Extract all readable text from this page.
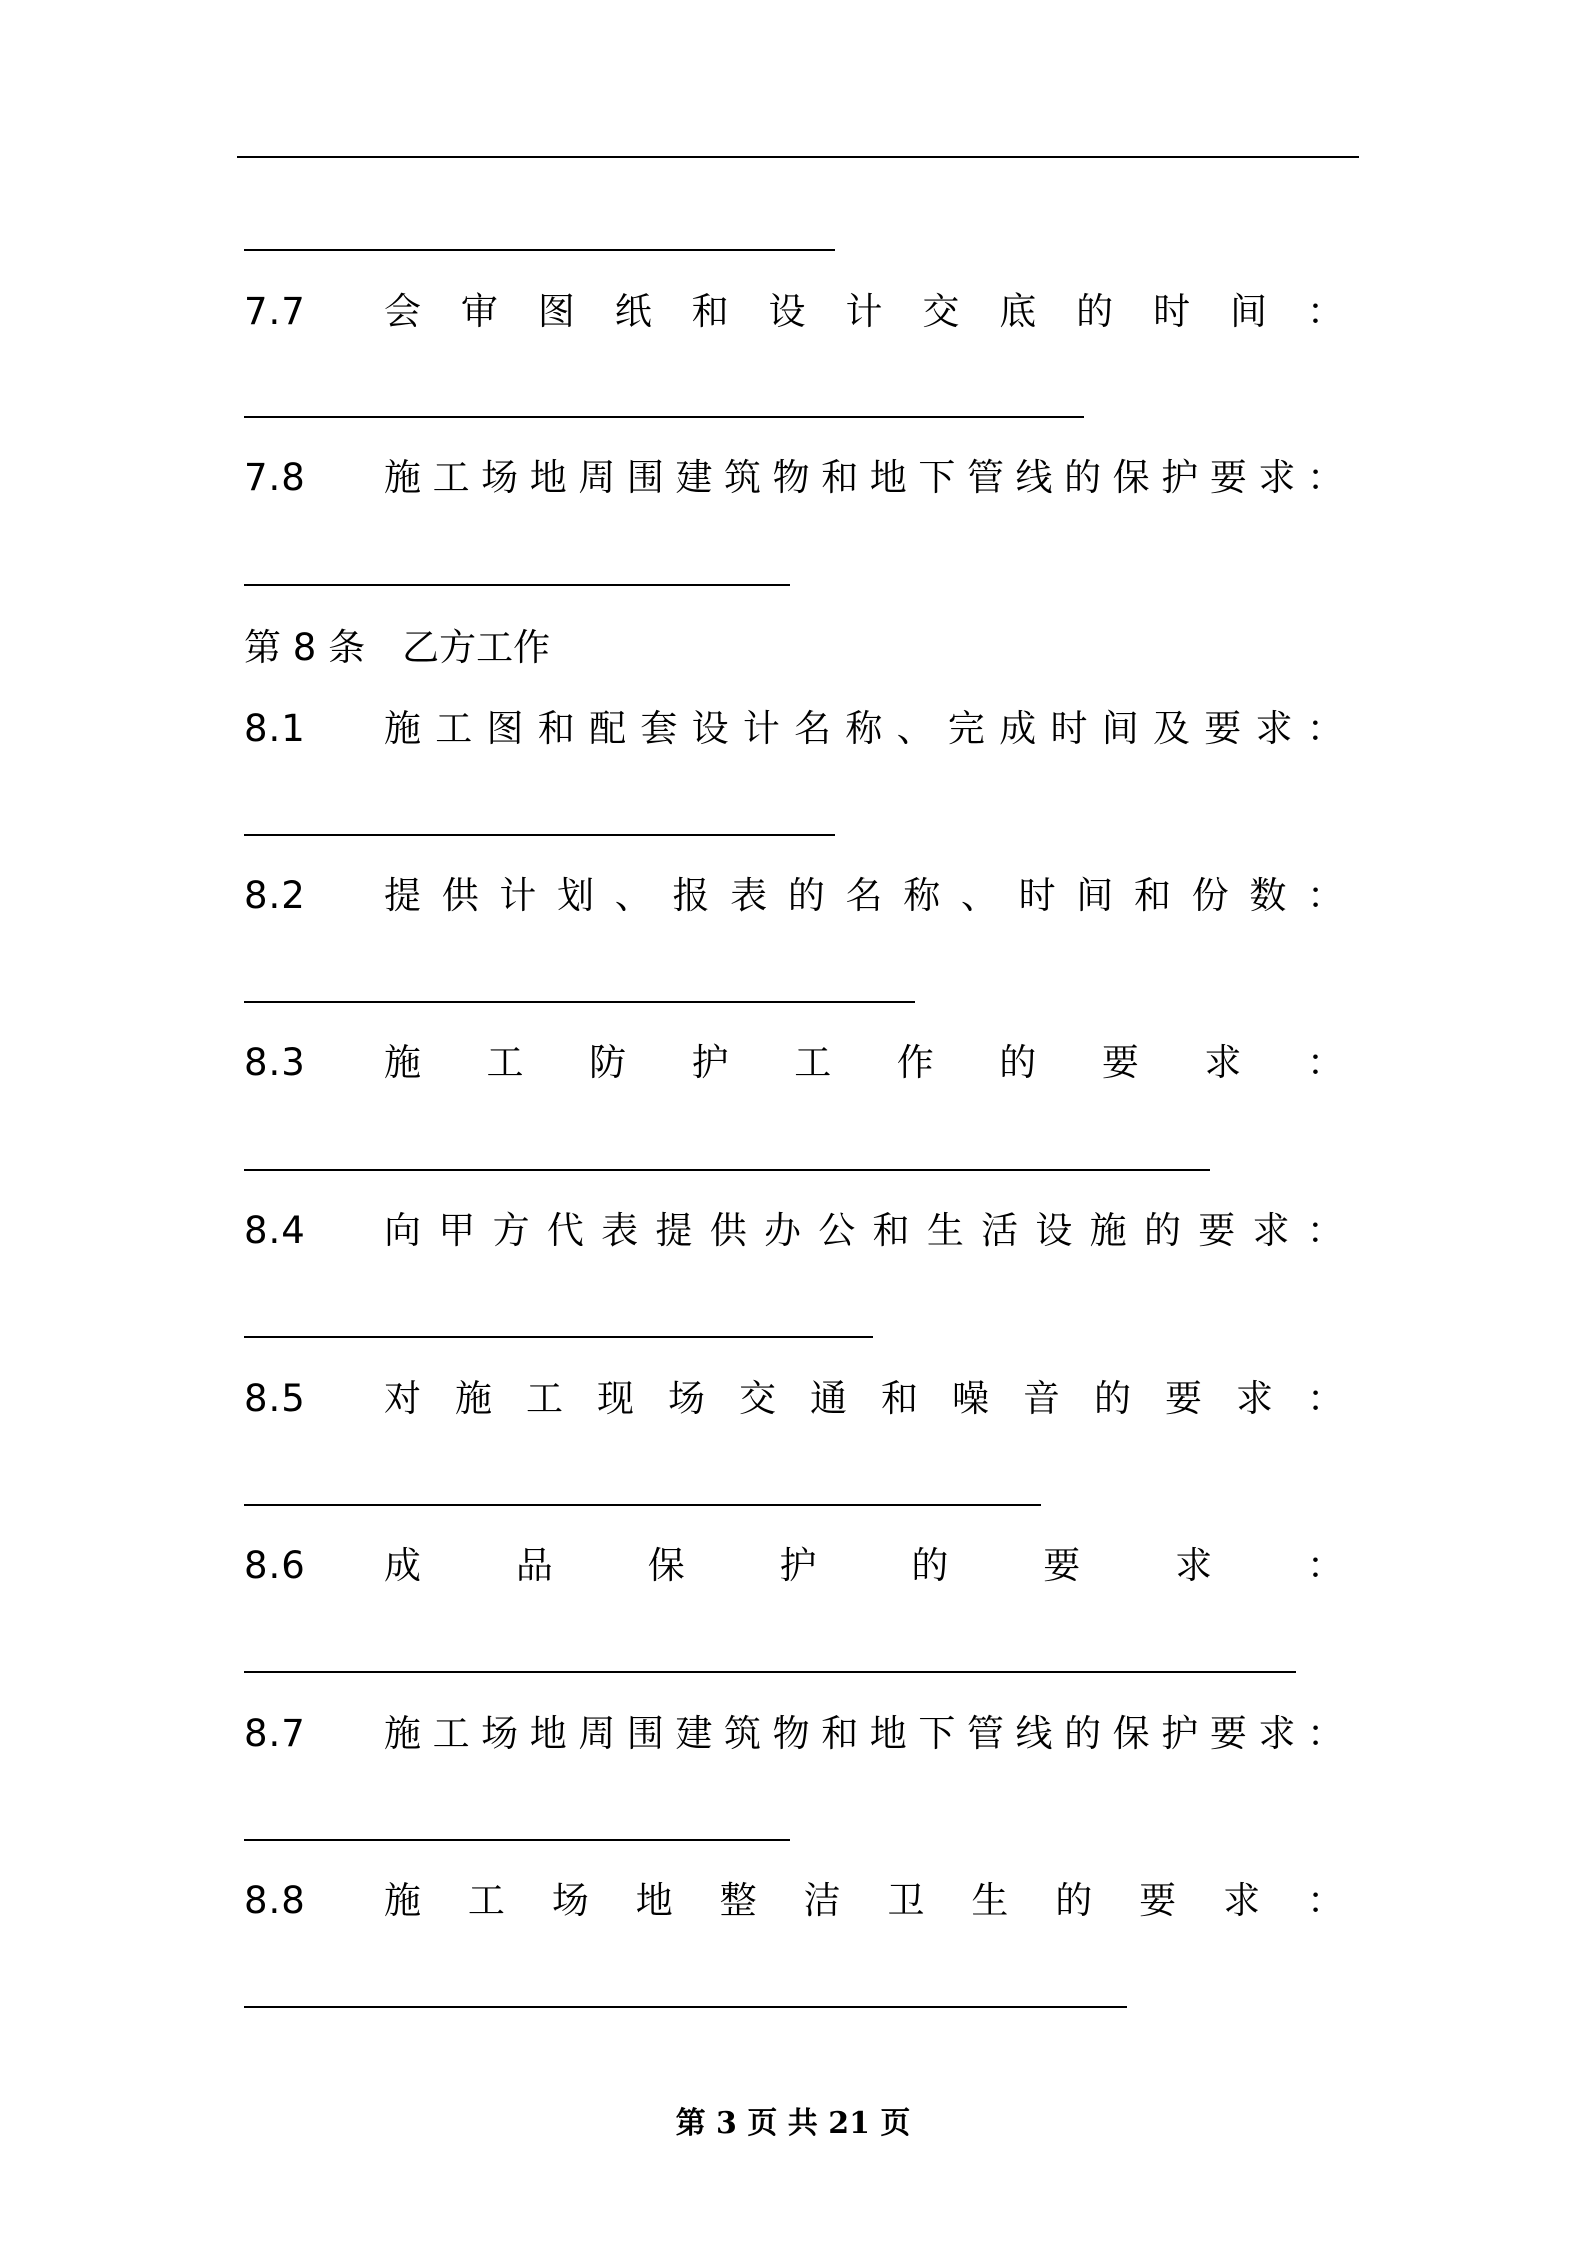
7.7	会 审 图 纸 和 设 计 交 底 的 时 间 ：
7.8	施 工 场 地 周 围 建 筑 物 和 地 下 管 线 的 保 护 要 求 ：
第 8 条　乙方工作
8.1	施 工 图 和 配 套 设 计 名 称 、 完 成 时 间 及 要 求 ：
8.2	提 供 计 划 、 报 表 的 名 称 、 时 间 和 份 数 ：
8.3	施 工 防 护 工 作 的 要 求 ：
8.4	向 甲 方 代 表 提 供 办 公 和 生 活 设 施 的 要 求 ：
8.5	对 施 工 现 场 交 通 和 噪 音 的 要 求 ：
8.6	成	品	保	护	的	要	求	：
8.7	施 工 场 地 周 围 建 筑 物 和 地 下 管 线 的 保 护 要 求 ：
8.8	施 工 场 地 整 洁 卫 生 的 要 求 ：
第 3 页 共 21 页
